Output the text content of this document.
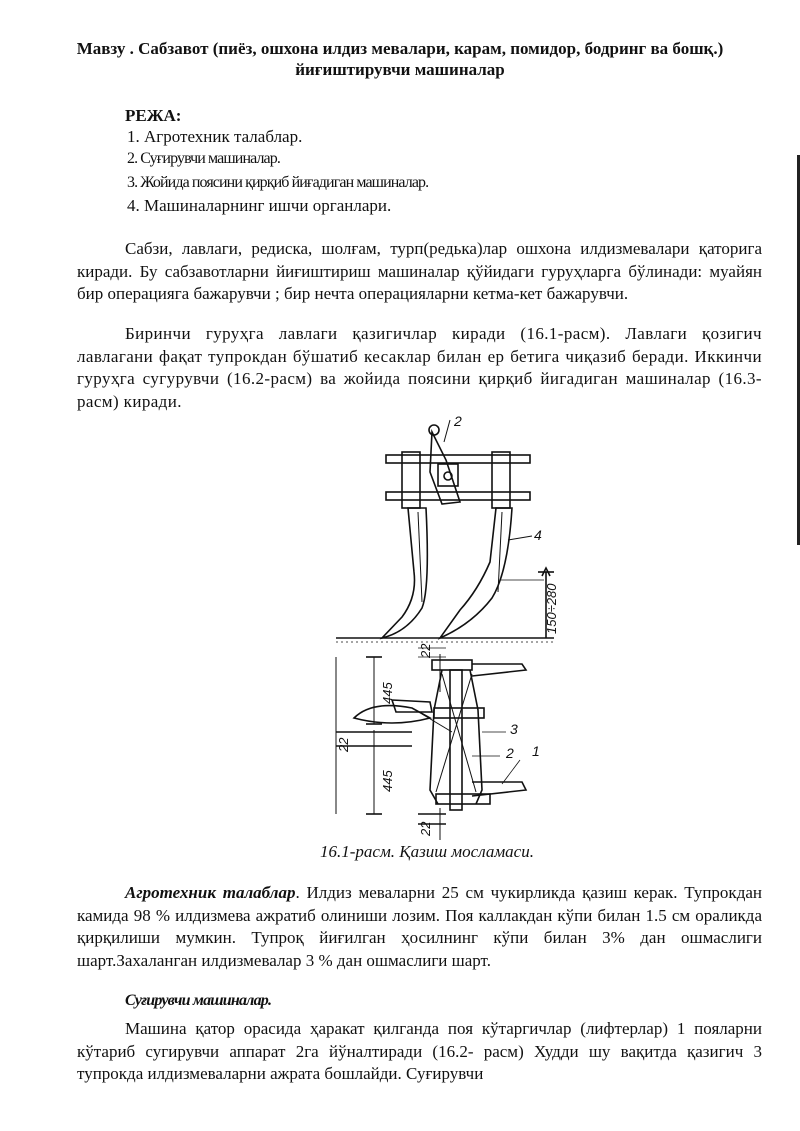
Мавзу . Сабзавот (пиёз, ошхона илдиз мевалари, карам, помидор, бодринг ва бошқ.) йиғиштирувчи машиналар
РЕЖА:
1. Агротехник талаблар.
2. Суғирувчи машиналар.
3. Жойида поясини қирқиб йиғадиган машиналар.
4. Машиналарнинг ишчи органлари.
Сабзи, лавлаги, редиска, шолғам, турп(редька)лар ошхона илдизмевалари қаторига киради. Бу сабзавотларни йиғиштириш машиналар қўйидаги гуруҳларга бўлинади: муайян бир операцияга бажарувчи ; бир нечта операцияларни кетма-кет бажарувчи.
Биринчи гуруҳга лавлаги қазигичлар киради (16.1-расм). Лавлаги қозигич лавлагани фақат тупрокдан бўшатиб кесаклар билан ер бетига чиқазиб беради. Иккинчи гуруҳга сугурувчи (16.2-расм) ва жойида поясини қирқиб йигадиган машиналар (16.3-расм) киради.
2
4
150÷280
22
445
22
3
2 1
445
22
16.1-расм. Қазиш мосламаси.
Агротехник талаблар. Илдиз меваларни 25 см чукирликда қазиш керак. Тупрокдан камида 98 % илдизмева ажратиб олиниши лозим. Поя каллакдан кўпи билан 1.5 см ораликда қирқилиши мумкин. Тупроқ йиғилган ҳосилнинг кўпи билан 3% дан ошмаслиги шарт.Захаланган илдизмевалар 3 % дан ошмаслиги шарт.
Суғирувчи машиналар.
Машина қатор орасида ҳаракат қилганда поя кўтаргичлар (лифтерлар) 1 пояларни кўтариб сугирувчи аппарат 2га йўналтиради (16.2- расм) Худди шу вақитда қазигич 3 тупрокда илдизмеваларни ажрата бошлайди. Суғирувчи
